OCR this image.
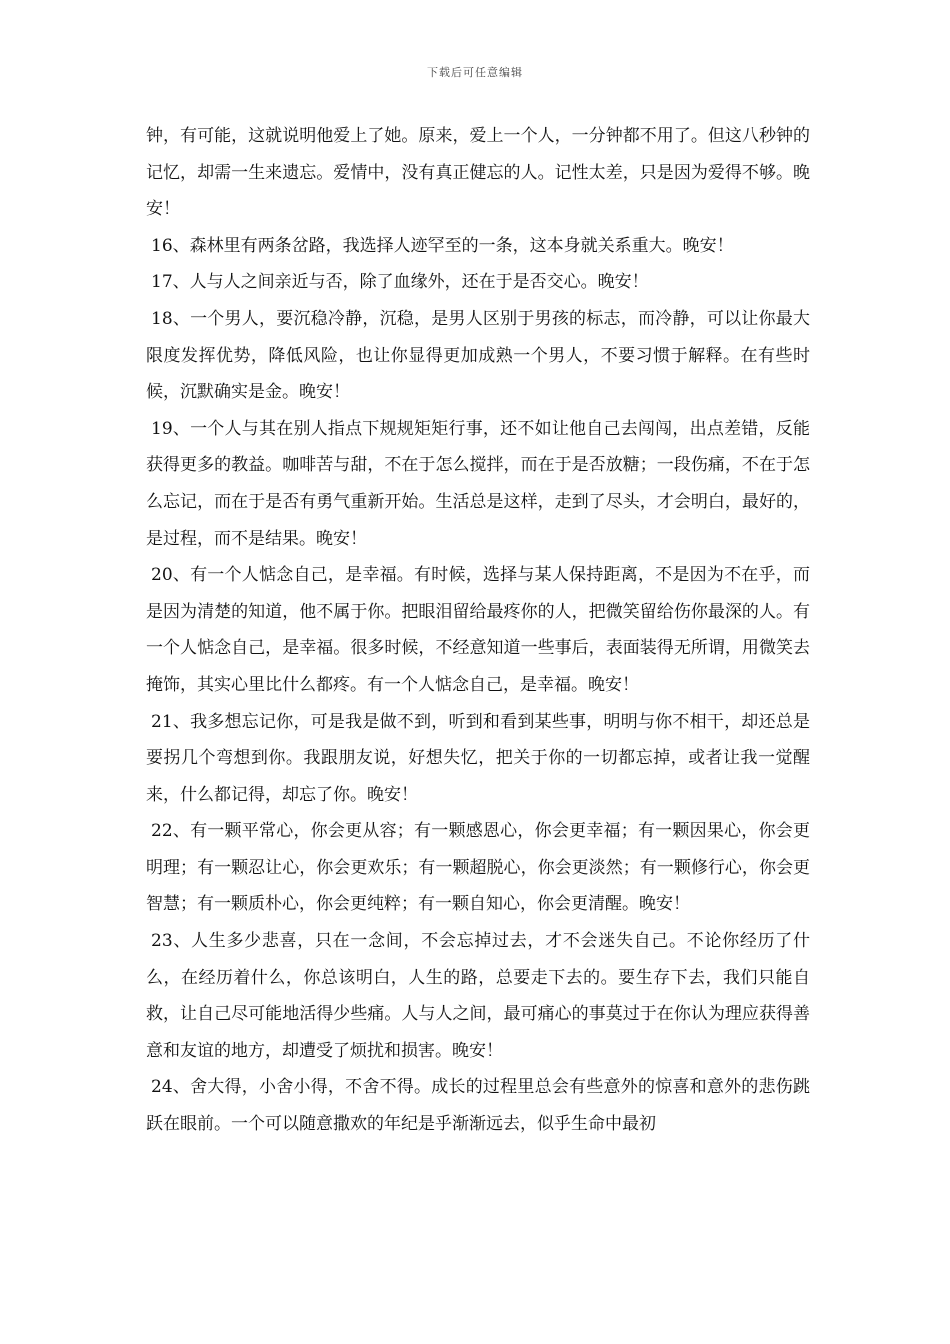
下载后可任意编辑

钟，有可能，这就说明他爱上了她。原来，爱上一个人，一分钟都不用了。但这八秒钟的记忆，却需一生来遗忘。爱情中，没有真正健忘的人。记性太差，只是因为爱得不够。晚安！

16、森林里有两条岔路，我选择人迹罕至的一条，这本身就关系重大。晚安！

17、人与人之间亲近与否，除了血缘外，还在于是否交心。晚安！

18、一个男人，要沉稳冷静，沉稳，是男人区别于男孩的标志，而冷静，可以让你最大限度发挥优势，降低风险，也让你显得更加成熟一个男人，不要习惯于解释。在有些时候，沉默确实是金。晚安！

19、一个人与其在别人指点下规规矩矩行事，还不如让他自己去闯闯，出点差错，反能获得更多的教益。咖啡苦与甜，不在于怎么搅拌，而在于是否放糖；一段伤痛，不在于怎么忘记，而在于是否有勇气重新开始。生活总是这样，走到了尽头，才会明白，最好的，是过程，而不是结果。晚安！

20、有一个人惦念自己，是幸福。有时候，选择与某人保持距离，不是因为不在乎，而是因为清楚的知道，他不属于你。把眼泪留给最疼你的人，把微笑留给伤你最深的人。有一个人惦念自己，是幸福。很多时候，不经意知道一些事后，表面装得无所谓，用微笑去掩饰，其实心里比什么都疼。有一个人惦念自己，是幸福。晚安！

21、我多想忘记你，可是我是做不到，听到和看到某些事，明明与你不相干，却还总是要拐几个弯想到你。我跟朋友说，好想失忆，把关于你的一切都忘掉，或者让我一觉醒来，什么都记得，却忘了你。晚安！

22、有一颗平常心，你会更从容；有一颗感恩心，你会更幸福；有一颗因果心，你会更明理；有一颗忍让心，你会更欢乐；有一颗超脱心，你会更淡然；有一颗修行心，你会更智慧；有一颗质朴心，你会更纯粹；有一颗自知心，你会更清醒。晚安！

23、人生多少悲喜，只在一念间，不会忘掉过去，才不会迷失自己。不论你经历了什么，在经历着什么，你总该明白，人生的路，总要走下去的。要生存下去，我们只能自救，让自己尽可能地活得少些痛。人与人之间，最可痛心的事莫过于在你认为理应获得善意和友谊的地方，却遭受了烦扰和损害。晚安！

24、舍大得，小舍小得，不舍不得。成长的过程里总会有些意外的惊喜和意外的悲伤跳跃在眼前。一个可以随意撒欢的年纪是乎渐渐远去，似乎生命中最初
